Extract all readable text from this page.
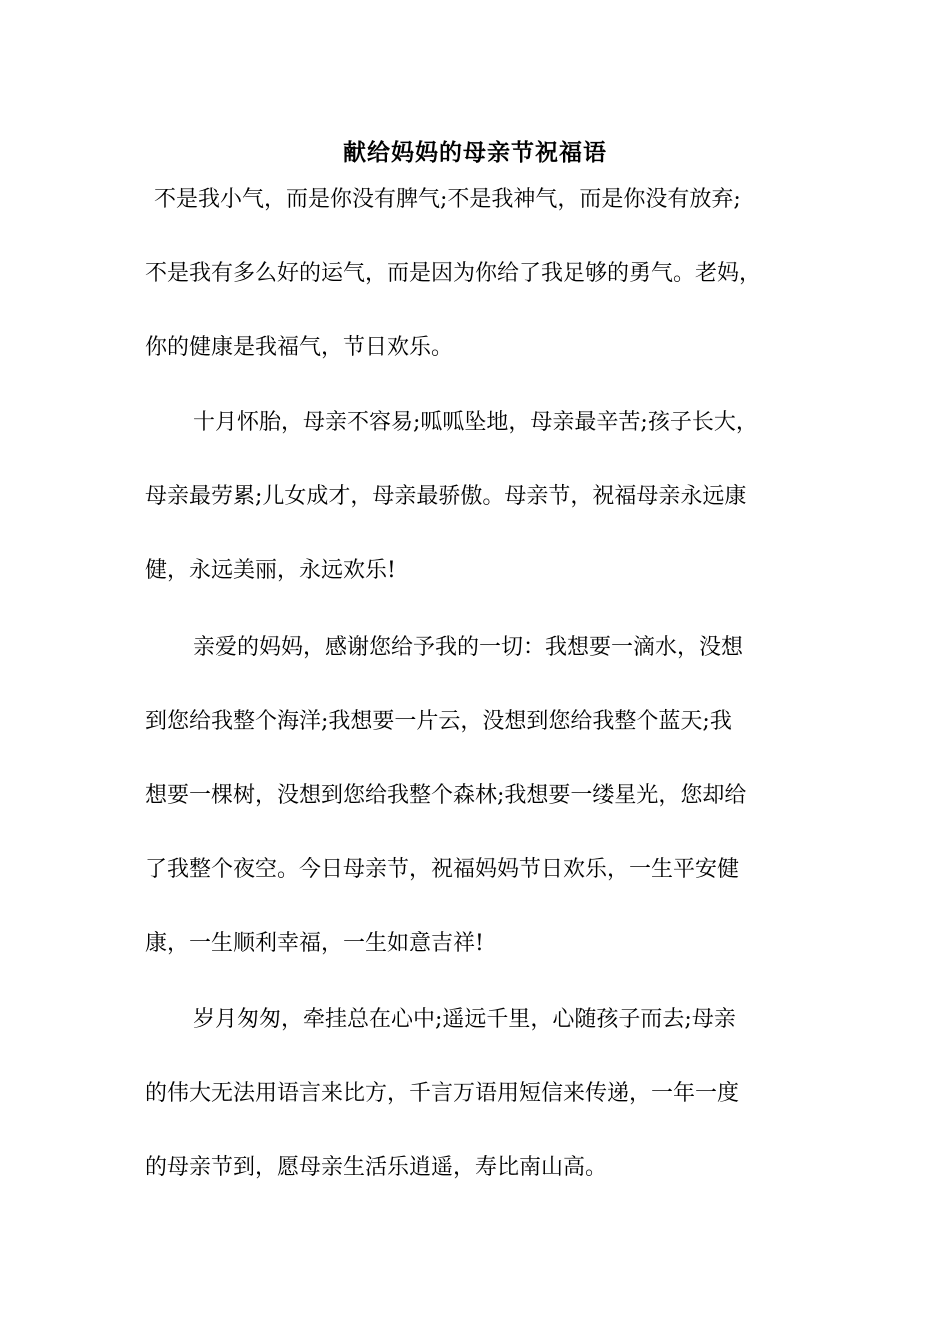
献给妈妈的母亲节祝福语
不是我小气，而是你没有脾气;不是我神气，而是你没有放弃;
不是我有多么好的运气，而是因为你给了我足够的勇气。老妈，
你的健康是我福气，节日欢乐。
十月怀胎，母亲不容易;呱呱坠地，母亲最辛苦;孩子长大，
母亲最劳累;儿女成才，母亲最骄傲。母亲节，祝福母亲永远康
健，永远美丽，永远欢乐!
亲爱的妈妈，感谢您给予我的一切：我想要一滴水，没想
到您给我整个海洋;我想要一片云，没想到您给我整个蓝天;我
想要一棵树，没想到您给我整个森林;我想要一缕星光，您却给
了我整个夜空。今日母亲节，祝福妈妈节日欢乐，一生平安健
康，一生顺利幸福，一生如意吉祥!
岁月匆匆，牵挂总在心中;遥远千里，心随孩子而去;母亲
的伟大无法用语言来比方，千言万语用短信来传递，一年一度
的母亲节到，愿母亲生活乐逍遥，寿比南山高。
